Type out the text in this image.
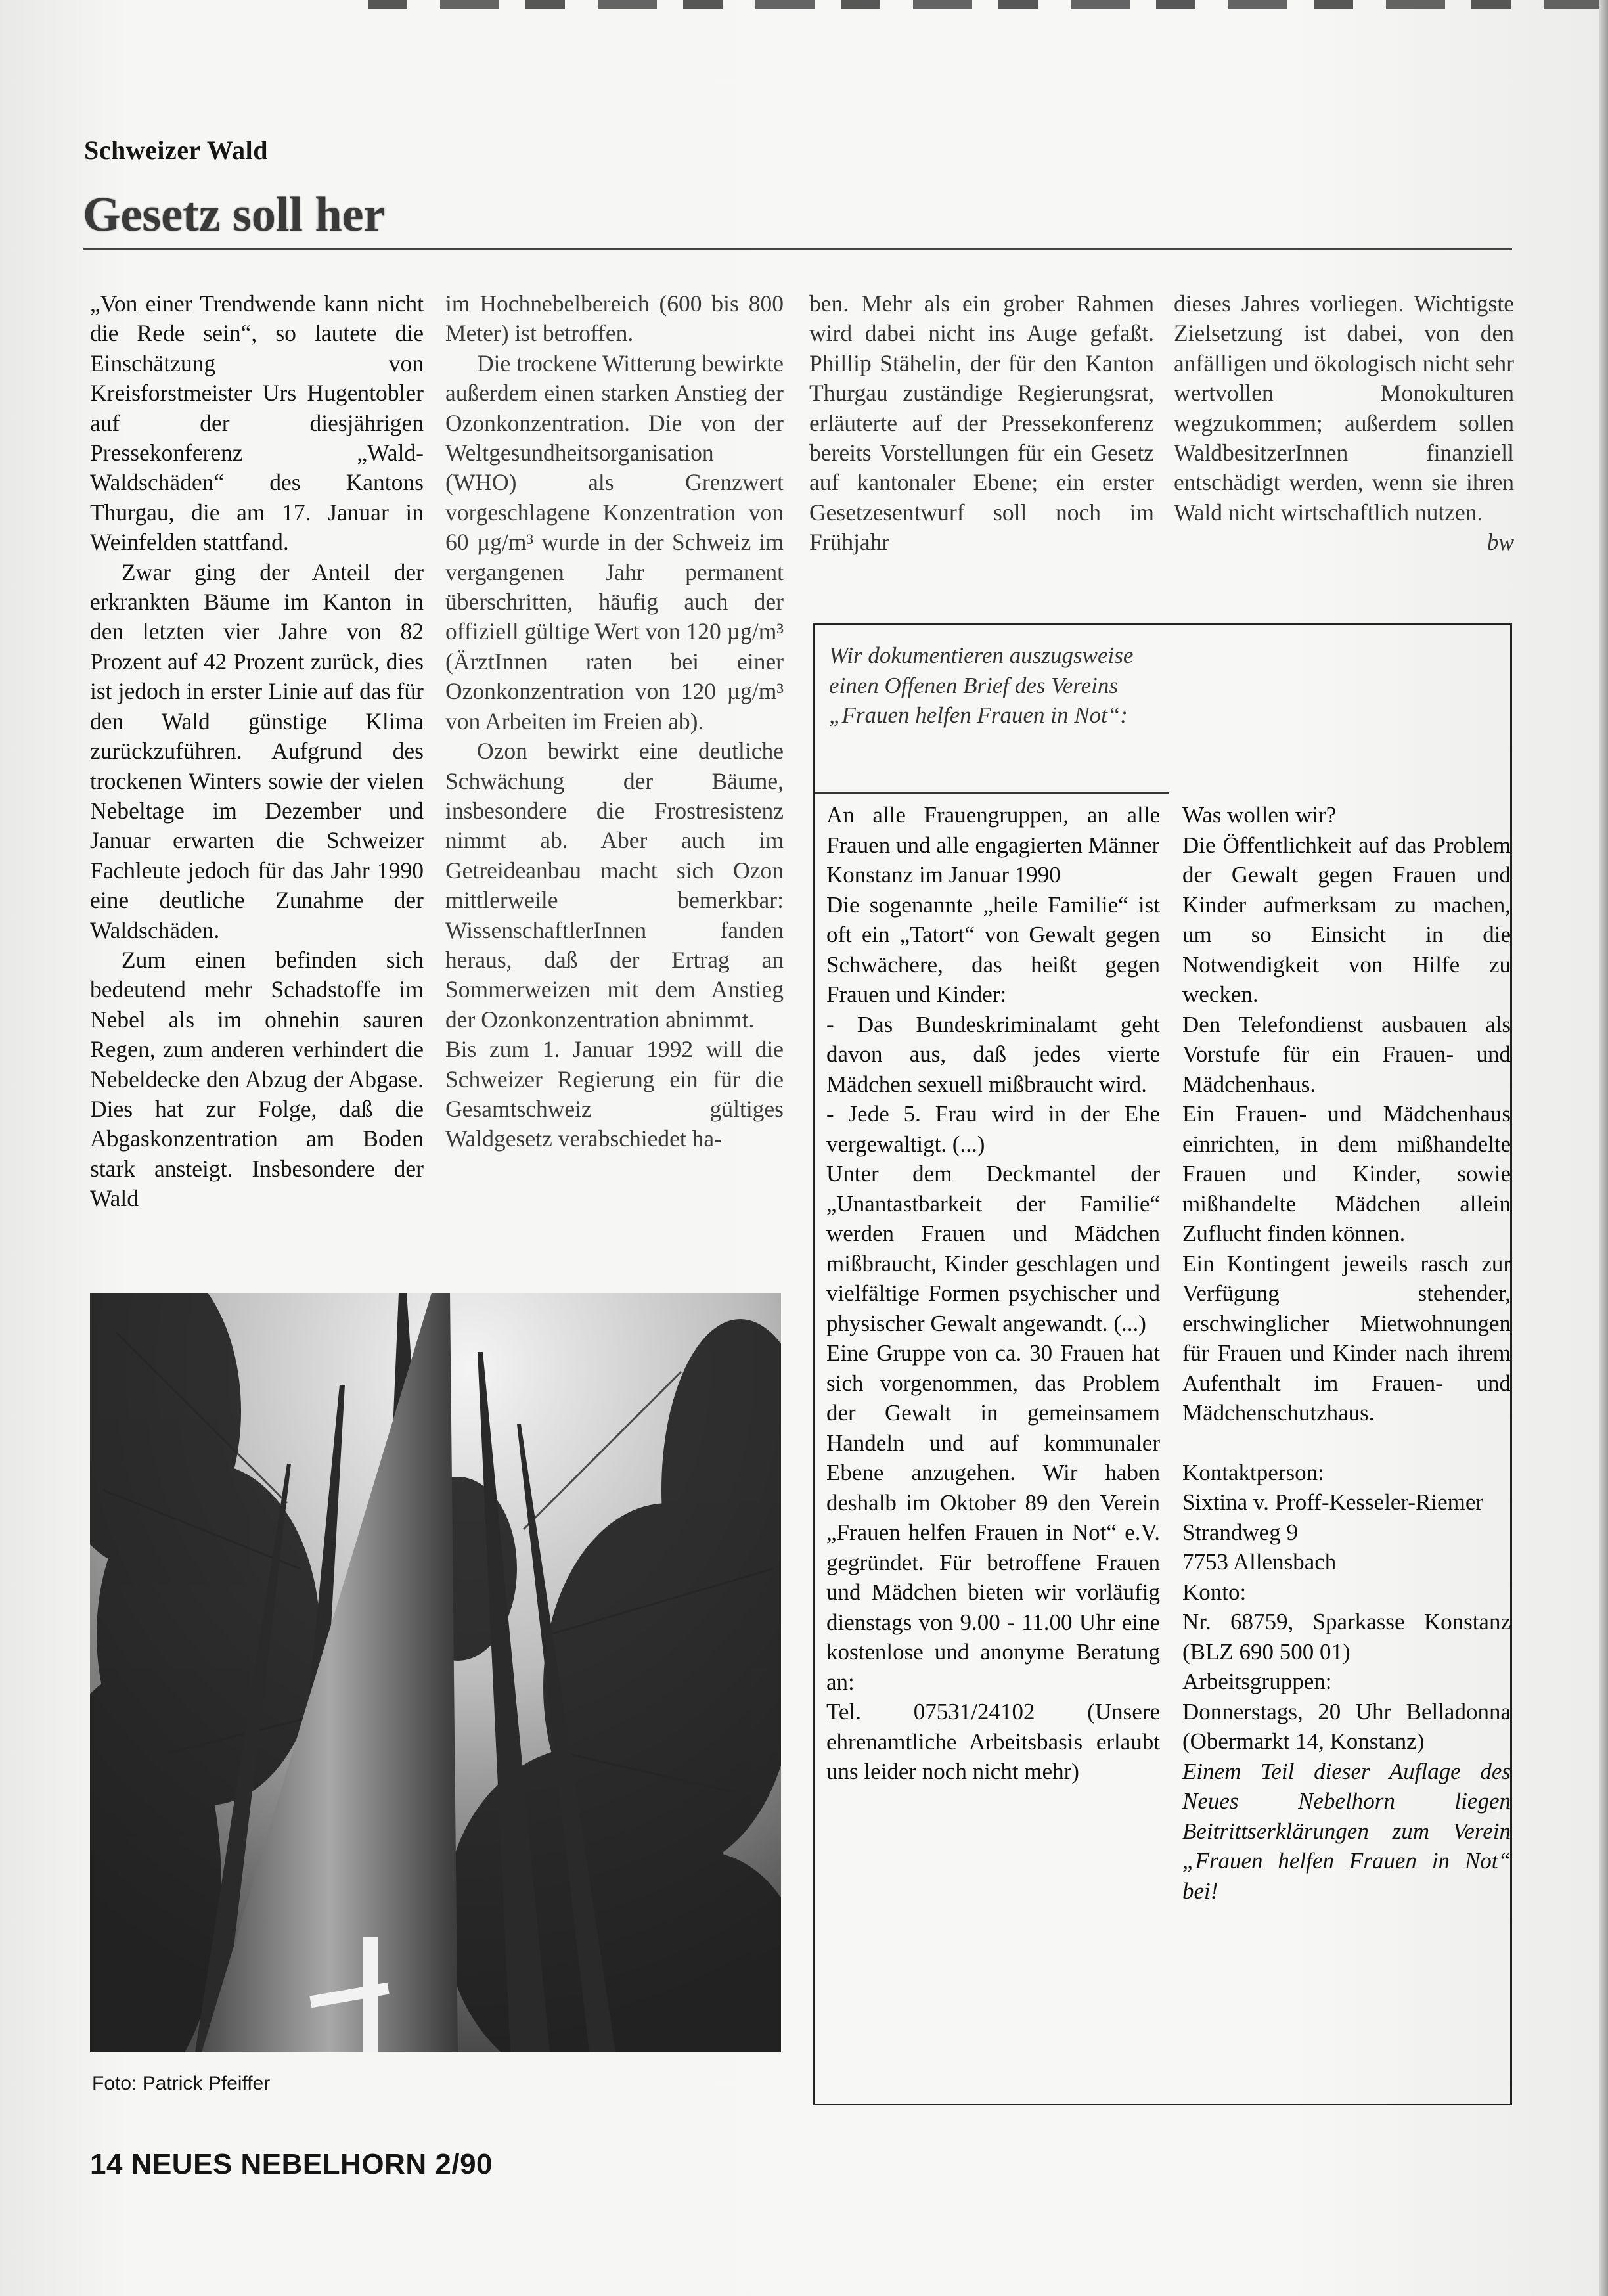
Schweizer Wald
Gesetz soll her

„Von einer Trendwende kann nicht die Rede sein“, so lautete die Einschätzung von Kreisforstmeister Urs Hugentobler auf der diesjährigen Pressekonferenz „Wald-Waldschäden“ des Kantons Thurgau, die am 17. Januar in Weinfelden stattfand.

Zwar ging der Anteil der erkrankten Bäume im Kanton in den letzten vier Jahre von 82 Prozent auf 42 Prozent zurück, dies ist jedoch in erster Linie auf das für den Wald günstige Klima zurückzuführen. Aufgrund des trockenen Winters sowie der vielen Nebeltage im Dezember und Januar erwarten die Schweizer Fachleute jedoch für das Jahr 1990 eine deutliche Zunahme der Waldschäden.

Zum einen befinden sich bedeutend mehr Schadstoffe im Nebel als im ohnehin sauren Regen, zum anderen verhindert die Nebeldecke den Abzug der Abgase. Dies hat zur Folge, daß die Abgaskonzentration am Boden stark ansteigt. Insbesondere der Wald

im Hochnebelbereich (600 bis 800 Meter) ist betroffen.

Die trockene Witterung bewirkte außerdem einen starken Anstieg der Ozonkonzentration. Die von der Weltgesundheitsorganisation (WHO) als Grenzwert vorgeschlagene Konzentration von 60 µg/m³ wurde in der Schweiz im vergangenen Jahr permanent überschritten, häufig auch der offiziell gültige Wert von 120 µg/m³ (ÄrztInnen raten bei einer Ozonkonzentration von 120 µg/m³ von Arbeiten im Freien ab).

Ozon bewirkt eine deutliche Schwächung der Bäume, insbesondere die Frostresistenz nimmt ab. Aber auch im Getreideanbau macht sich Ozon mittlerweile bemerkbar: WissenschaftlerInnen fanden heraus, daß der Ertrag an Sommerweizen mit dem Anstieg der Ozonkonzentration abnimmt.

Bis zum 1. Januar 1992 will die Schweizer Regierung ein für die Gesamtschweiz gültiges Waldgesetz verabschiedet ha-

ben. Mehr als ein grober Rahmen wird dabei nicht ins Auge gefaßt. Phillip Stähelin, der für den Kanton Thurgau zuständige Regierungsrat, erläuterte auf der Pressekonferenz bereits Vorstellungen für ein Gesetz auf kantonaler Ebene; ein erster Gesetzesentwurf soll noch im Frühjahr

dieses Jahres vorliegen. Wichtigste Zielsetzung ist dabei, von den anfälligen und ökologisch nicht sehr wertvollen Monokulturen wegzukommen; außerdem sollen WaldbesitzerInnen finanziell entschädigt werden, wenn sie ihren Wald nicht wirtschaftlich nutzen.

bw
Foto: Patrick Pfeiffer
Wir dokumentieren auszugsweise einen Offenen Brief des Vereins „Frauen helfen Frauen in Not“:

An alle Frauengruppen, an alle Frauen und alle engagierten Männer

Konstanz im Januar 1990

Die sogenannte „heile Familie“ ist oft ein „Tatort“ von Gewalt gegen Schwächere, das heißt gegen Frauen und Kinder:

- Das Bundeskriminalamt geht davon aus, daß jedes vierte Mädchen sexuell mißbraucht wird.

- Jede 5. Frau wird in der Ehe vergewaltigt. (...)

Unter dem Deckmantel der „Unantastbarkeit der Familie“ werden Frauen und Mädchen mißbraucht, Kinder geschlagen und vielfältige Formen psychischer und physischer Gewalt angewandt. (...)

Eine Gruppe von ca. 30 Frauen hat sich vorgenommen, das Problem der Gewalt in gemeinsamem Handeln und auf kommunaler Ebene anzugehen. Wir haben deshalb im Oktober 89 den Verein „Frauen helfen Frauen in Not“ e.V. gegründet. Für betroffene Frauen und Mädchen bieten wir vorläufig dienstags von 9.00 - 11.00 Uhr eine kostenlose und anonyme Beratung an:

Tel. 07531/24102 (Unsere ehrenamtliche Arbeitsbasis erlaubt uns leider noch nicht mehr)

Was wollen wir?

Die Öffentlichkeit auf das Problem der Gewalt gegen Frauen und Kinder aufmerksam zu machen, um so Einsicht in die Notwendigkeit von Hilfe zu wecken.

Den Telefondienst ausbauen als Vorstufe für ein Frauen- und Mädchenhaus.

Ein Frauen- und Mädchenhaus einrichten, in dem mißhandelte Frauen und Kinder, sowie mißhandelte Mädchen allein Zuflucht finden können.

Ein Kontingent jeweils rasch zur Verfügung stehender, erschwinglicher Mietwohnungen für Frauen und Kinder nach ihrem Aufenthalt im Frauen- und Mädchenschutzhaus.

Kontaktperson:

Sixtina v. Proff-Kesseler-Riemer

Strandweg 9

7753 Allensbach

Konto:

Nr. 68759, Sparkasse Konstanz (BLZ 690 500 01)

Arbeitsgruppen:

Donnerstags, 20 Uhr Belladonna (Obermarkt 14, Konstanz)

Einem Teil dieser Auflage des Neues Nebelhorn liegen Beitrittserklärungen zum Verein „Frauen helfen Frauen in Not“ bei!

14 NEUES NEBELHORN 2/90
